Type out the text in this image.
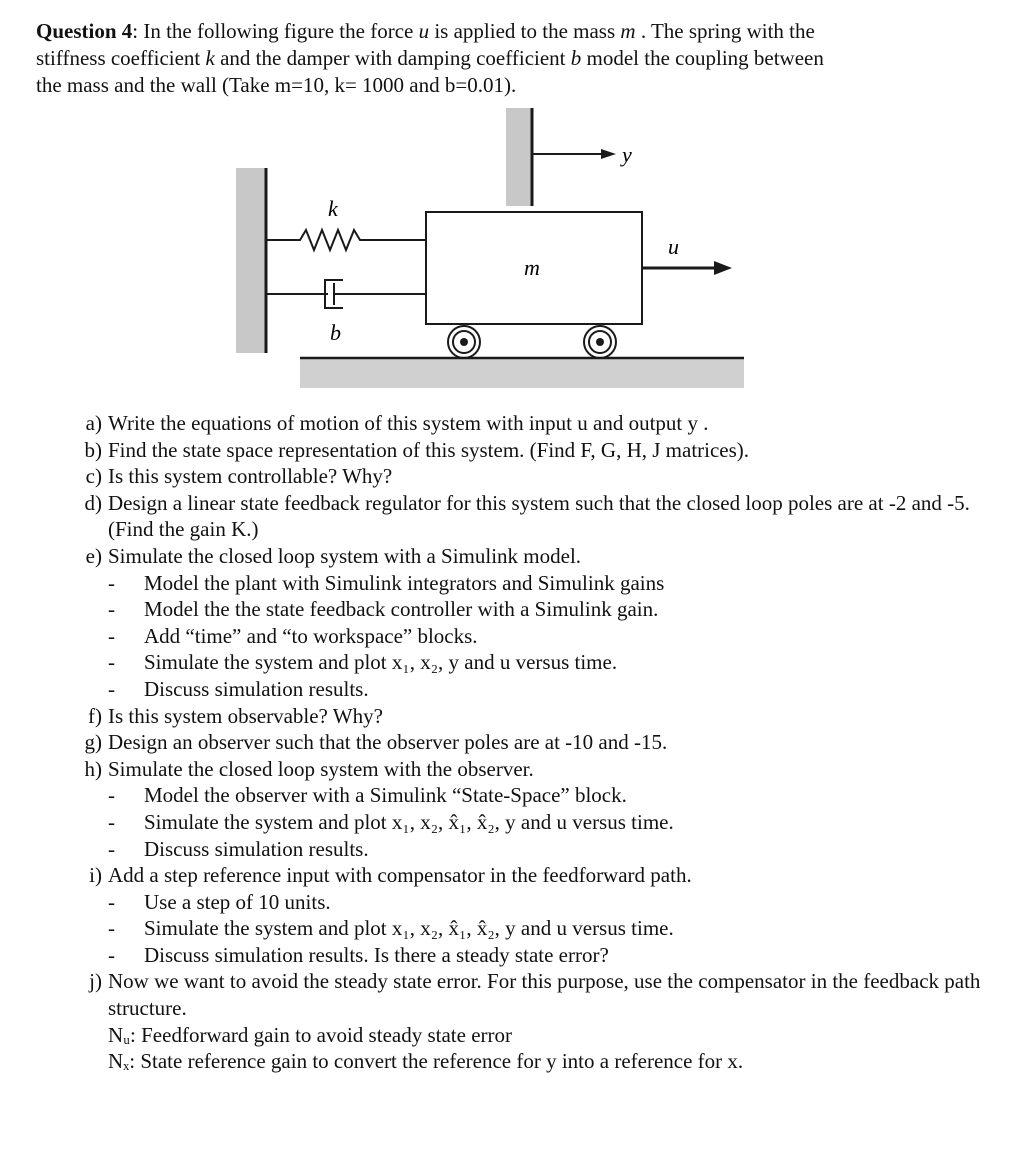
Question 4: In the following figure the force u is applied to the mass m . The spring with the
stiffness coefficient k and the damper with damping coefficient b model the coupling between
the mass and the wall (Take m=10, k= 1000 and b=0.01).
y
k
b
m
u
a) Write the equations of motion of this system with input u and output y .
b) Find the state space representation of this system. (Find F, G, H, J matrices).
c) Is this system controllable? Why?
d) Design a linear state feedback regulator for this system such that the closed loop poles are at -2 and -5. (Find the gain K.)
e) Simulate the closed loop system with a Simulink model.
- Model the plant with Simulink integrators and Simulink gains
- Model the the state feedback controller with a Simulink gain.
- Add “time” and “to workspace” blocks.
- Simulate the system and plot x₁, x₂, y and u versus time.
- Discuss simulation results.
f) Is this system observable? Why?
g) Design an observer such that the observer poles are at -10 and -15.
h) Simulate the closed loop system with the observer.
- Model the observer with a Simulink “State-Space” block.
- Simulate the system and plot x₁, x₂, x̂₁, x̂₂, y and u versus time.
- Discuss simulation results.
i) Add a step reference input with compensator in the feedforward path.
- Use a step of 10 units.
- Simulate the system and plot x₁, x₂, x̂₁, x̂₂, y and u versus time.
- Discuss simulation results. Is there a steady state error?
j) Now we want to avoid the steady state error. For this purpose, use the compensator in the feedback path structure.
Nᵤ: Feedforward gain to avoid steady state error
Nₓ: State reference gain to convert the reference for y into a reference for x.
